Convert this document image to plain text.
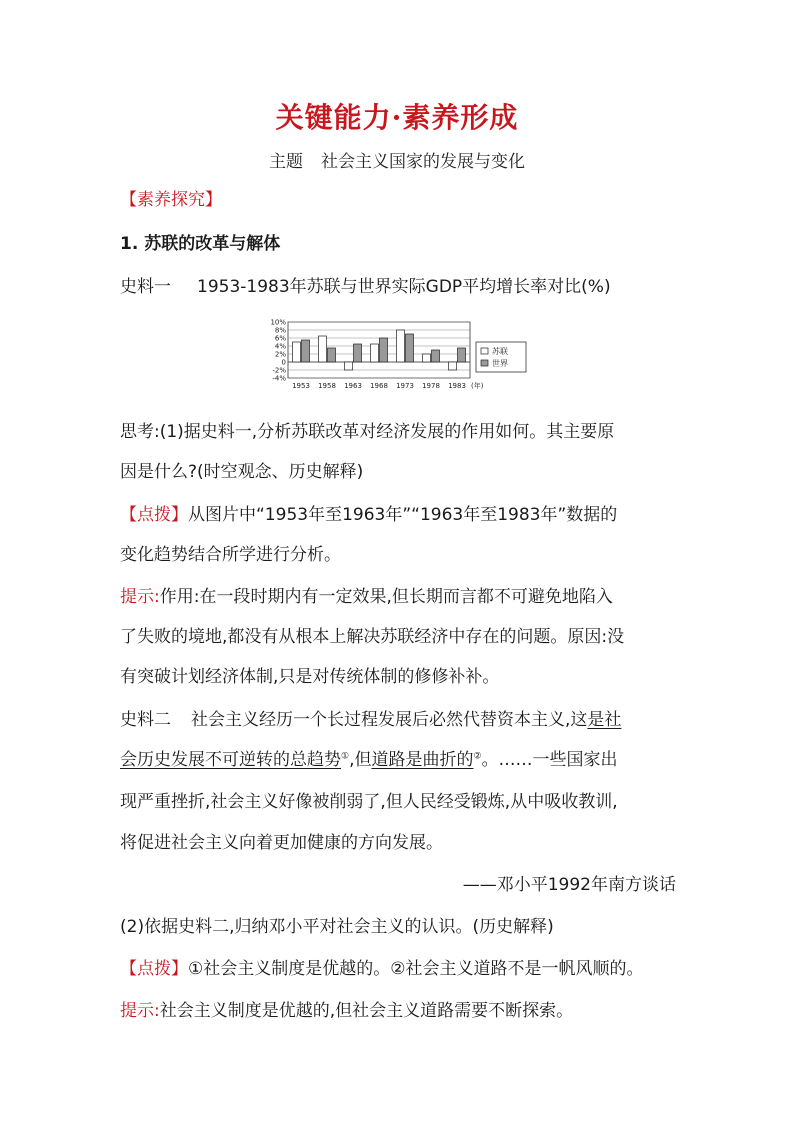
关键能力·素养形成
主题 社会主义国家的发展与变化
【素养探究】
1. 苏联的改革与解体
史料一 1953-1983年苏联与世界实际GDP平均增长率对比(%)
10%
8%
6%
4%
2%
0
-2%
-4%
1953 1958 1963 1968 1973 1978 1983 (年)
苏联
世界
思考:(1)据史料一,分析苏联改革对经济发展的作用如何。其主要原
因是什么?(时空观念、历史解释)
【点拨】从图片中“1953年至1963年”“1963年至1983年”数据的
变化趋势结合所学进行分析。
提示:作用:在一段时期内有一定效果,但长期而言都不可避免地陷入
了失败的境地,都没有从根本上解决苏联经济中存在的问题。原因:没
有突破计划经济体制,只是对传统体制的修修补补。
史料二 社会主义经历一个长过程发展后必然代替资本主义,这是社
会历史发展不可逆转的总趋势①,但道路是曲折的②。……一些国家出
现严重挫折,社会主义好像被削弱了,但人民经受锻炼,从中吸收教训,
将促进社会主义向着更加健康的方向发展。
——邓小平1992年南方谈话
(2)依据史料二,归纳邓小平对社会主义的认识。(历史解释)
【点拨】①社会主义制度是优越的。②社会主义道路不是一帆风顺的。
提示:社会主义制度是优越的,但社会主义道路需要不断探索。
